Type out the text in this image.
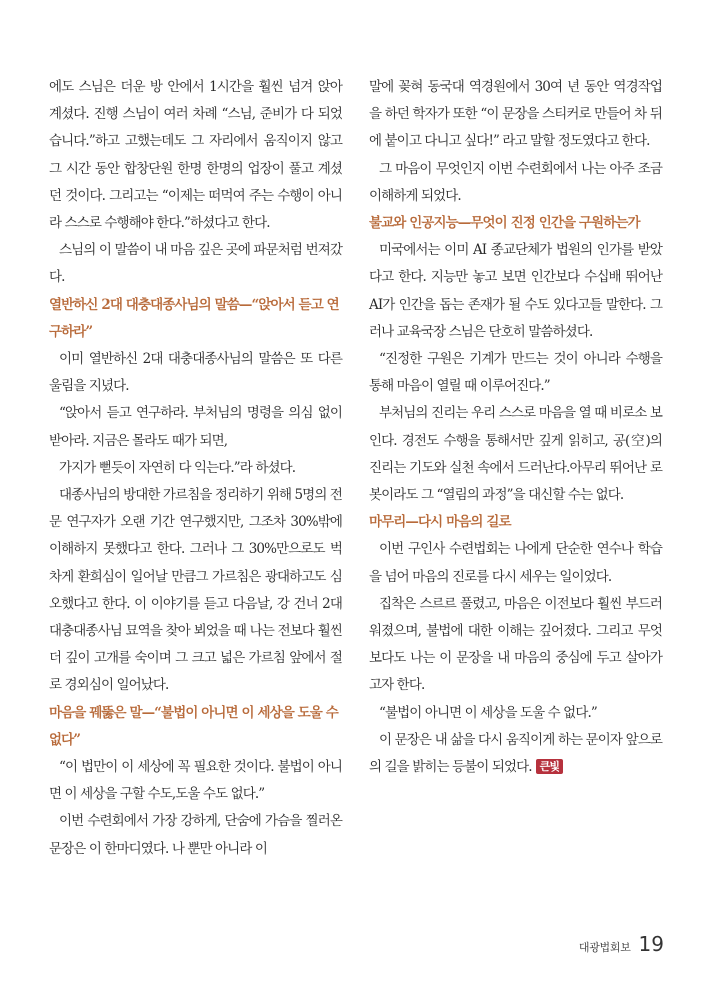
에도 스님은 더운 방 안에서 1시간을 훨씬 넘겨 앉아 계셨다. 진행 스님이 여러 차례 “스님, 준비가 다 되었습니다.”하고 고했는데도 그 자리에서 움직이지 않고 그 시간 동안 합창단원 한명 한명의 업장이 풀고 계셨던 것이다. 그리고는 “이제는 떠먹여 주는 수행이 아니라 스스로 수행해야 한다.”하셨다고 한다.

스님의 이 말씀이 내 마음 깊은 곳에 파문처럼 번져갔다.

열반하신 2대 대충대종사님의 말씀—“앉아서 듣고 연구하라”

이미 열반하신 2대 대충대종사님의 말씀은 또 다른 울림을 지녔다.

“앉아서 듣고 연구하라. 부처님의 명령을 의심 없이 받아라. 지금은 몰라도 때가 되면,

가지가 뻗듯이 자연히 다 익는다.”라 하셨다.

대종사님의 방대한 가르침을 정리하기 위해 5명의 전문 연구자가 오랜 기간 연구했지만, 그조차 30%밖에 이해하지 못했다고 한다. 그러나 그 30%만으로도 벅차게 환희심이 일어날 만큼그 가르침은 광대하고도 심오했다고 한다. 이 이야기를 듣고 다음날, 강 건너 2대 대충대종사님 묘역을 찾아 뵈었을 때 나는 전보다 훨씬 더 깊이 고개를 숙이며 그 크고 넓은 가르침 앞에서 절로 경외심이 일어났다.

마음을 꿰뚫은 말—“불법이 아니면 이 세상을 도울 수 없다”

“이 법만이 이 세상에 꼭 필요한 것이다. 불법이 아니면 이 세상을 구할 수도,도울 수도 없다.”

이번 수련회에서 가장 강하게, 단숨에 가슴을 찔러온 문장은 이 한마디였다. 나 뿐만 아니라 이

말에 꽂혀 동국대 역경원에서 30여 년 동안 역경작업을 하던 학자가 또한 “이 문장을 스티커로 만들어 차 뒤에 붙이고 다니고 싶다!” 라고 말할 정도였다고 한다.

그 마음이 무엇인지 이번 수련회에서 나는 아주 조금 이해하게 되었다.

불교와 인공지능—무엇이 진정 인간을 구원하는가

미국에서는 이미 AI 종교단체가 법원의 인가를 받았다고 한다. 지능만 놓고 보면 인간보다 수십배 뛰어난 AI가 인간을 돕는 존재가 될 수도 있다고들 말한다. 그러나 교육국장 스님은 단호히 말씀하셨다.

“진정한 구원은 기계가 만드는 것이 아니라 수행을 통해 마음이 열릴 때 이루어진다.”

부처님의 진리는 우리 스스로 마음을 열 때 비로소 보인다. 경전도 수행을 통해서만 깊게 읽히고, 공(空)의 진리는 기도와 실천 속에서 드러난다.아무리 뛰어난 로봇이라도 그 “열림의 과정”을 대신할 수는 없다.

마무리—다시 마음의 길로

이번 구인사 수련법회는 나에게 단순한 연수나 학습을 넘어 마음의 진로를 다시 세우는 일이었다.

집착은 스르르 풀렸고, 마음은 이전보다 훨씬 부드러워졌으며, 불법에 대한 이해는 깊어졌다. 그리고 무엇보다도 나는 이 문장을 내 마음의 중심에 두고 살아가고자 한다.

“불법이 아니면 이 세상을 도울 수 없다.”

이 문장은 내 삶을 다시 움직이게 하는 문이자 앞으로의 길을 밝히는 등불이 되었다. 큰빛

대광법회보 19
